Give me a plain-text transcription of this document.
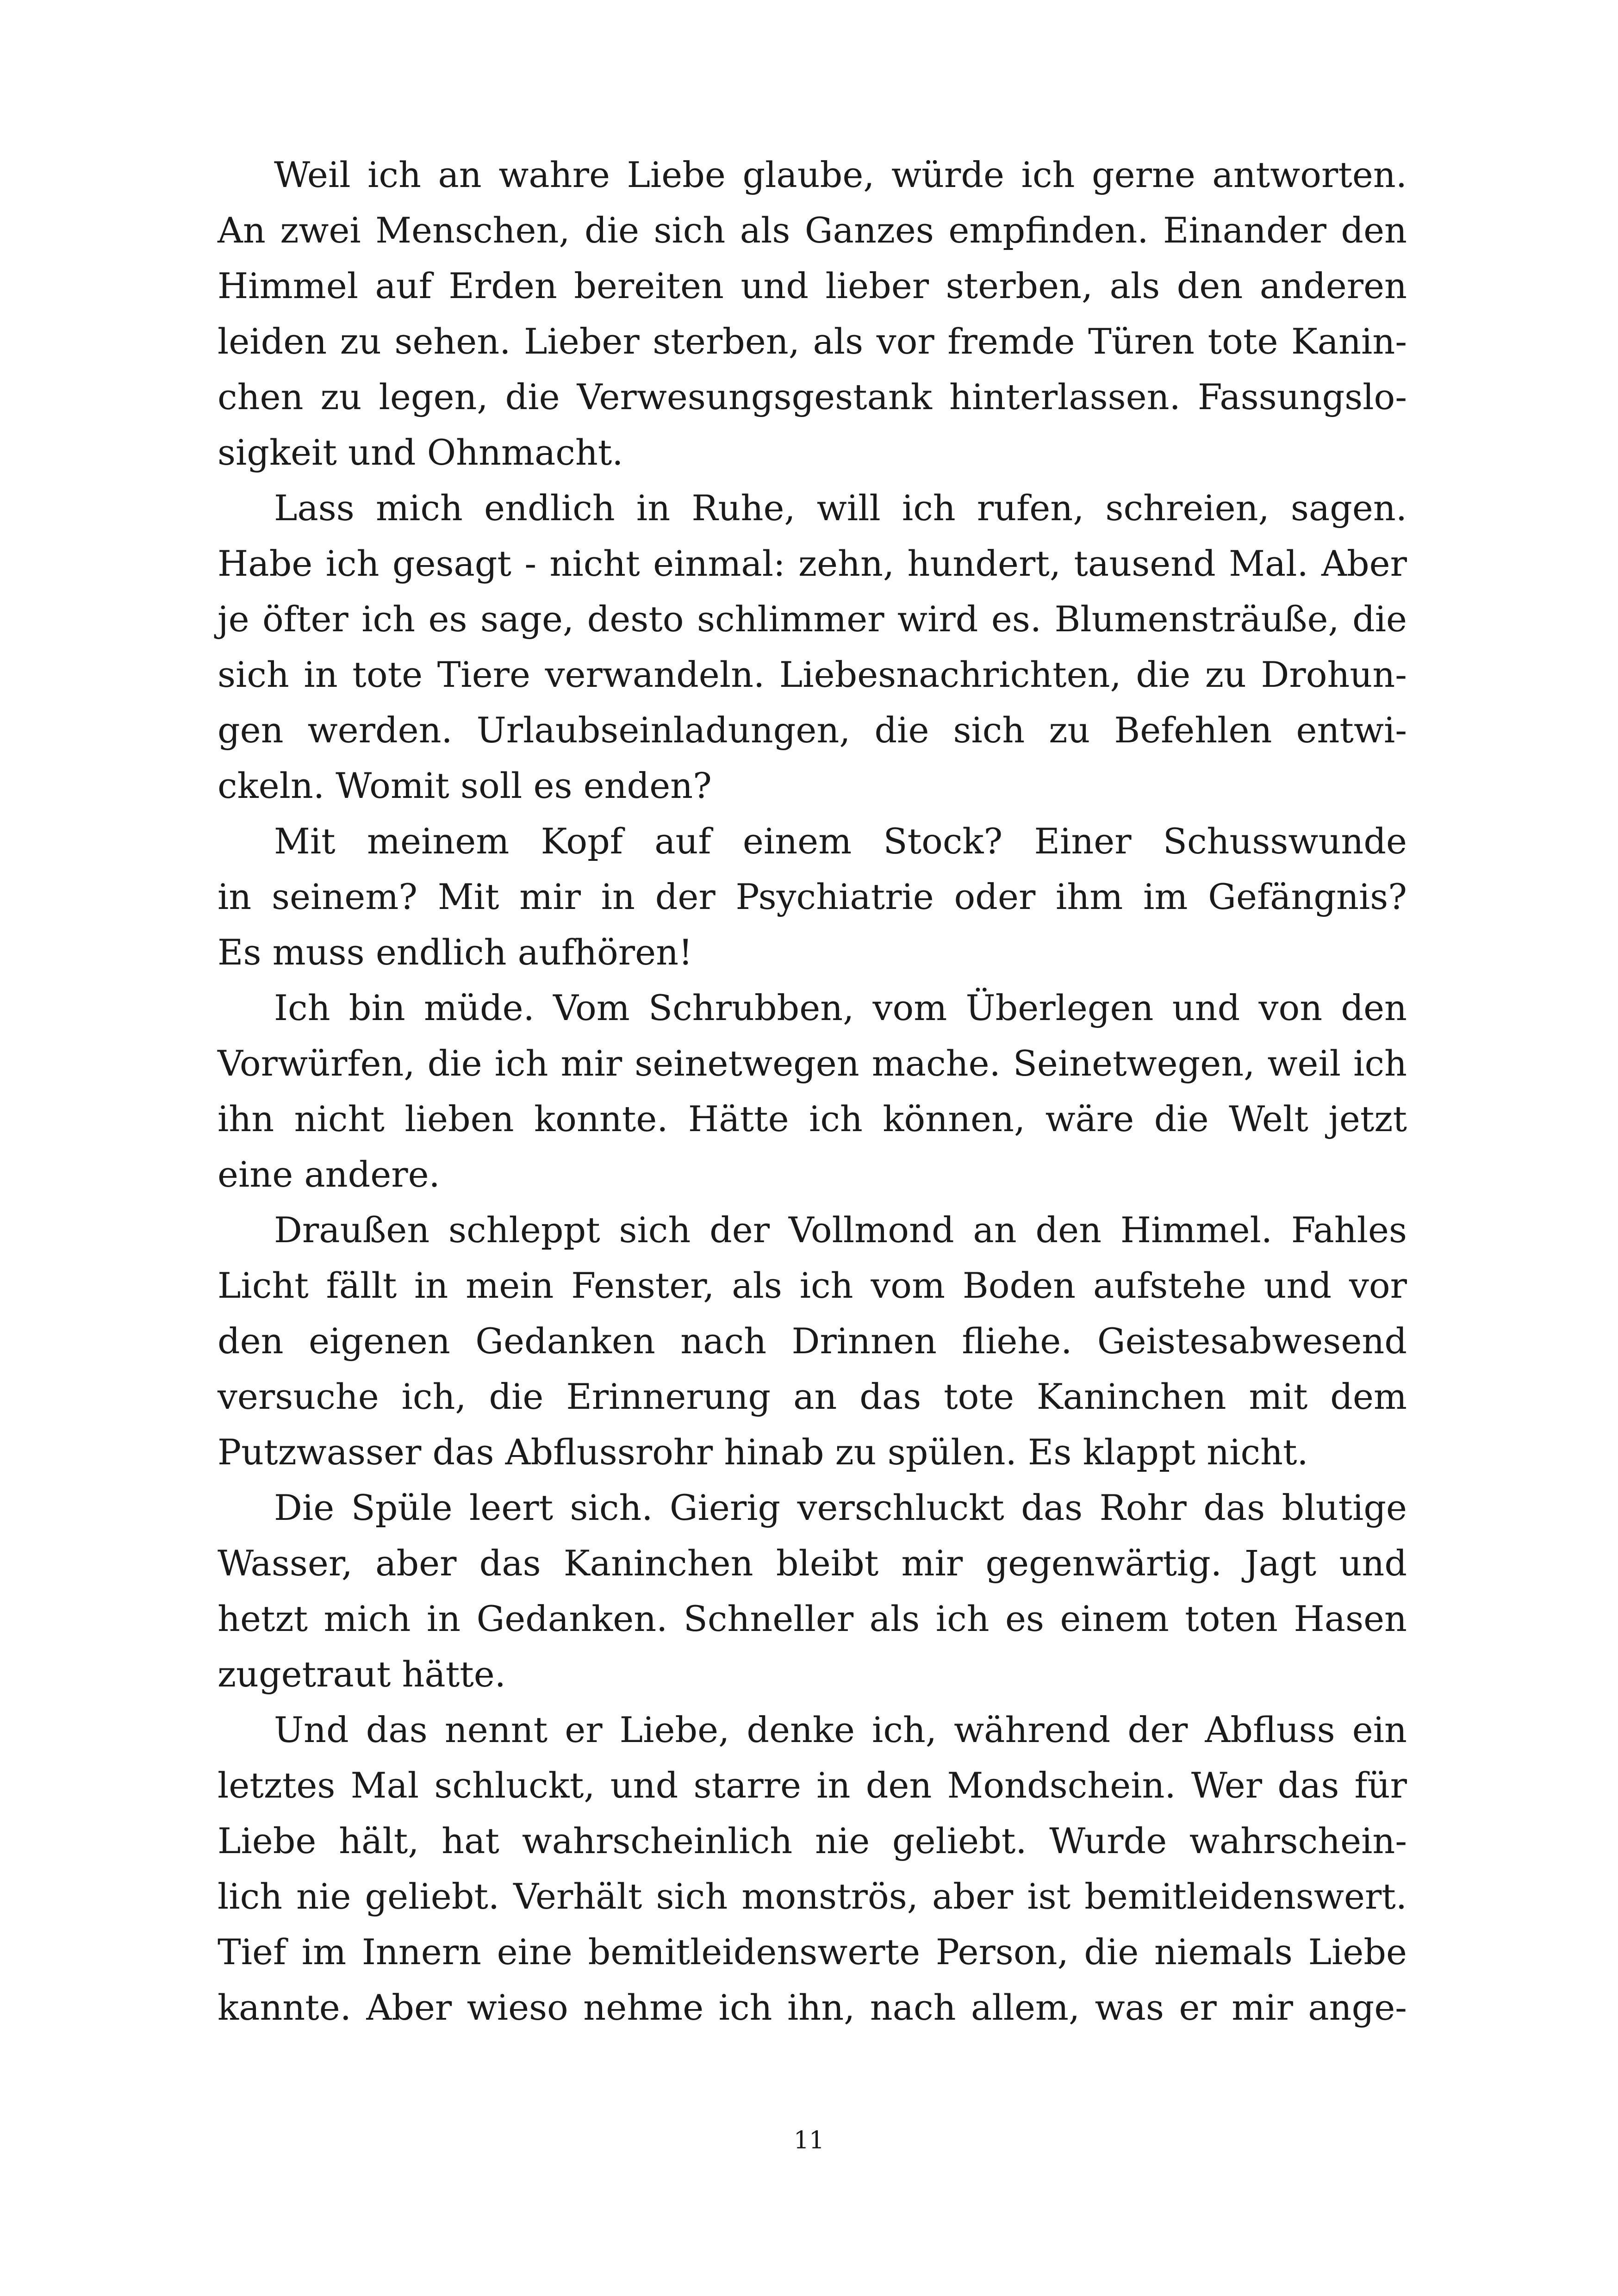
Weil ich an wahre Liebe glaube, würde ich gerne antworten.
An zwei Menschen, die sich als Ganzes empfinden. Einander den
Himmel auf Erden bereiten und lieber sterben, als den anderen
leiden zu sehen. Lieber sterben, als vor fremde Türen tote Kanin-
chen zu legen, die Verwesungsgestank hinterlassen. Fassungslo-
sigkeit und Ohnmacht.
Lass mich endlich in Ruhe, will ich rufen, schreien, sagen.
Habe ich gesagt - nicht einmal: zehn, hundert, tausend Mal. Aber
je öfter ich es sage, desto schlimmer wird es. Blumensträuße, die
sich in tote Tiere verwandeln. Liebesnachrichten, die zu Drohun-
gen werden. Urlaubseinladungen, die sich zu Befehlen entwi-
ckeln. Womit soll es enden?
Mit meinem Kopf auf einem Stock? Einer Schusswunde
in seinem? Mit mir in der Psychiatrie oder ihm im Gefängnis?
Es muss endlich aufhören!
Ich bin müde. Vom Schrubben, vom Überlegen und von den
Vorwürfen, die ich mir seinetwegen mache. Seinetwegen, weil ich
ihn nicht lieben konnte. Hätte ich können, wäre die Welt jetzt
eine andere.
Draußen schleppt sich der Vollmond an den Himmel. Fahles
Licht fällt in mein Fenster, als ich vom Boden aufstehe und vor
den eigenen Gedanken nach Drinnen fliehe. Geistesabwesend
versuche ich, die Erinnerung an das tote Kaninchen mit dem
Putzwasser das Abflussrohr hinab zu spülen. Es klappt nicht.
Die Spüle leert sich. Gierig verschluckt das Rohr das blutige
Wasser, aber das Kaninchen bleibt mir gegenwärtig. Jagt und
hetzt mich in Gedanken. Schneller als ich es einem toten Hasen
zugetraut hätte.
Und das nennt er Liebe, denke ich, während der Abfluss ein
letztes Mal schluckt, und starre in den Mondschein. Wer das für
Liebe hält, hat wahrscheinlich nie geliebt. Wurde wahrschein-
lich nie geliebt. Verhält sich monströs, aber ist bemitleidenswert.
Tief im Innern eine bemitleidenswerte Person, die niemals Liebe
kannte. Aber wieso nehme ich ihn, nach allem, was er mir ange-
11
